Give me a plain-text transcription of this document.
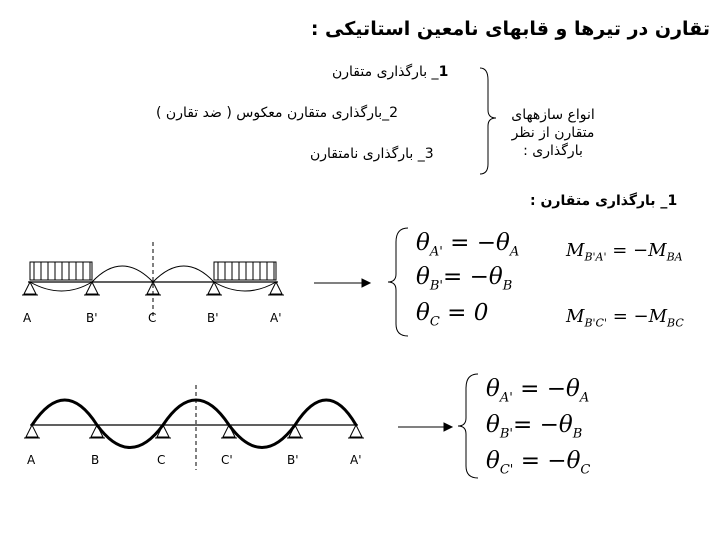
تقارن در تیرها و قابهای نامعین استاتیکی :
1_ بارگذاری متقارن
2_بارگذاری متقارن معکوس ( ضد تقارن )
3_ بارگذاری نامتقارن
انواع سازههای متقارن از نظر بارگذاری :
1_ بارگذاری متقارن :
A	B'	C	B'	A'
A	B	C	C'	B'	A'
$\theta_{A'} = -\theta_A$
$\theta_{B'}= -\theta_B$
$\theta_C = 0$
$M_{B'A'} = -M_{BA}$
$M_{B'C'} = -M_{BC}$
$\theta_{A'} = -\theta_A$
$\theta_{B'}= -\theta_B$
$\theta_{C'} = -\theta_C$
